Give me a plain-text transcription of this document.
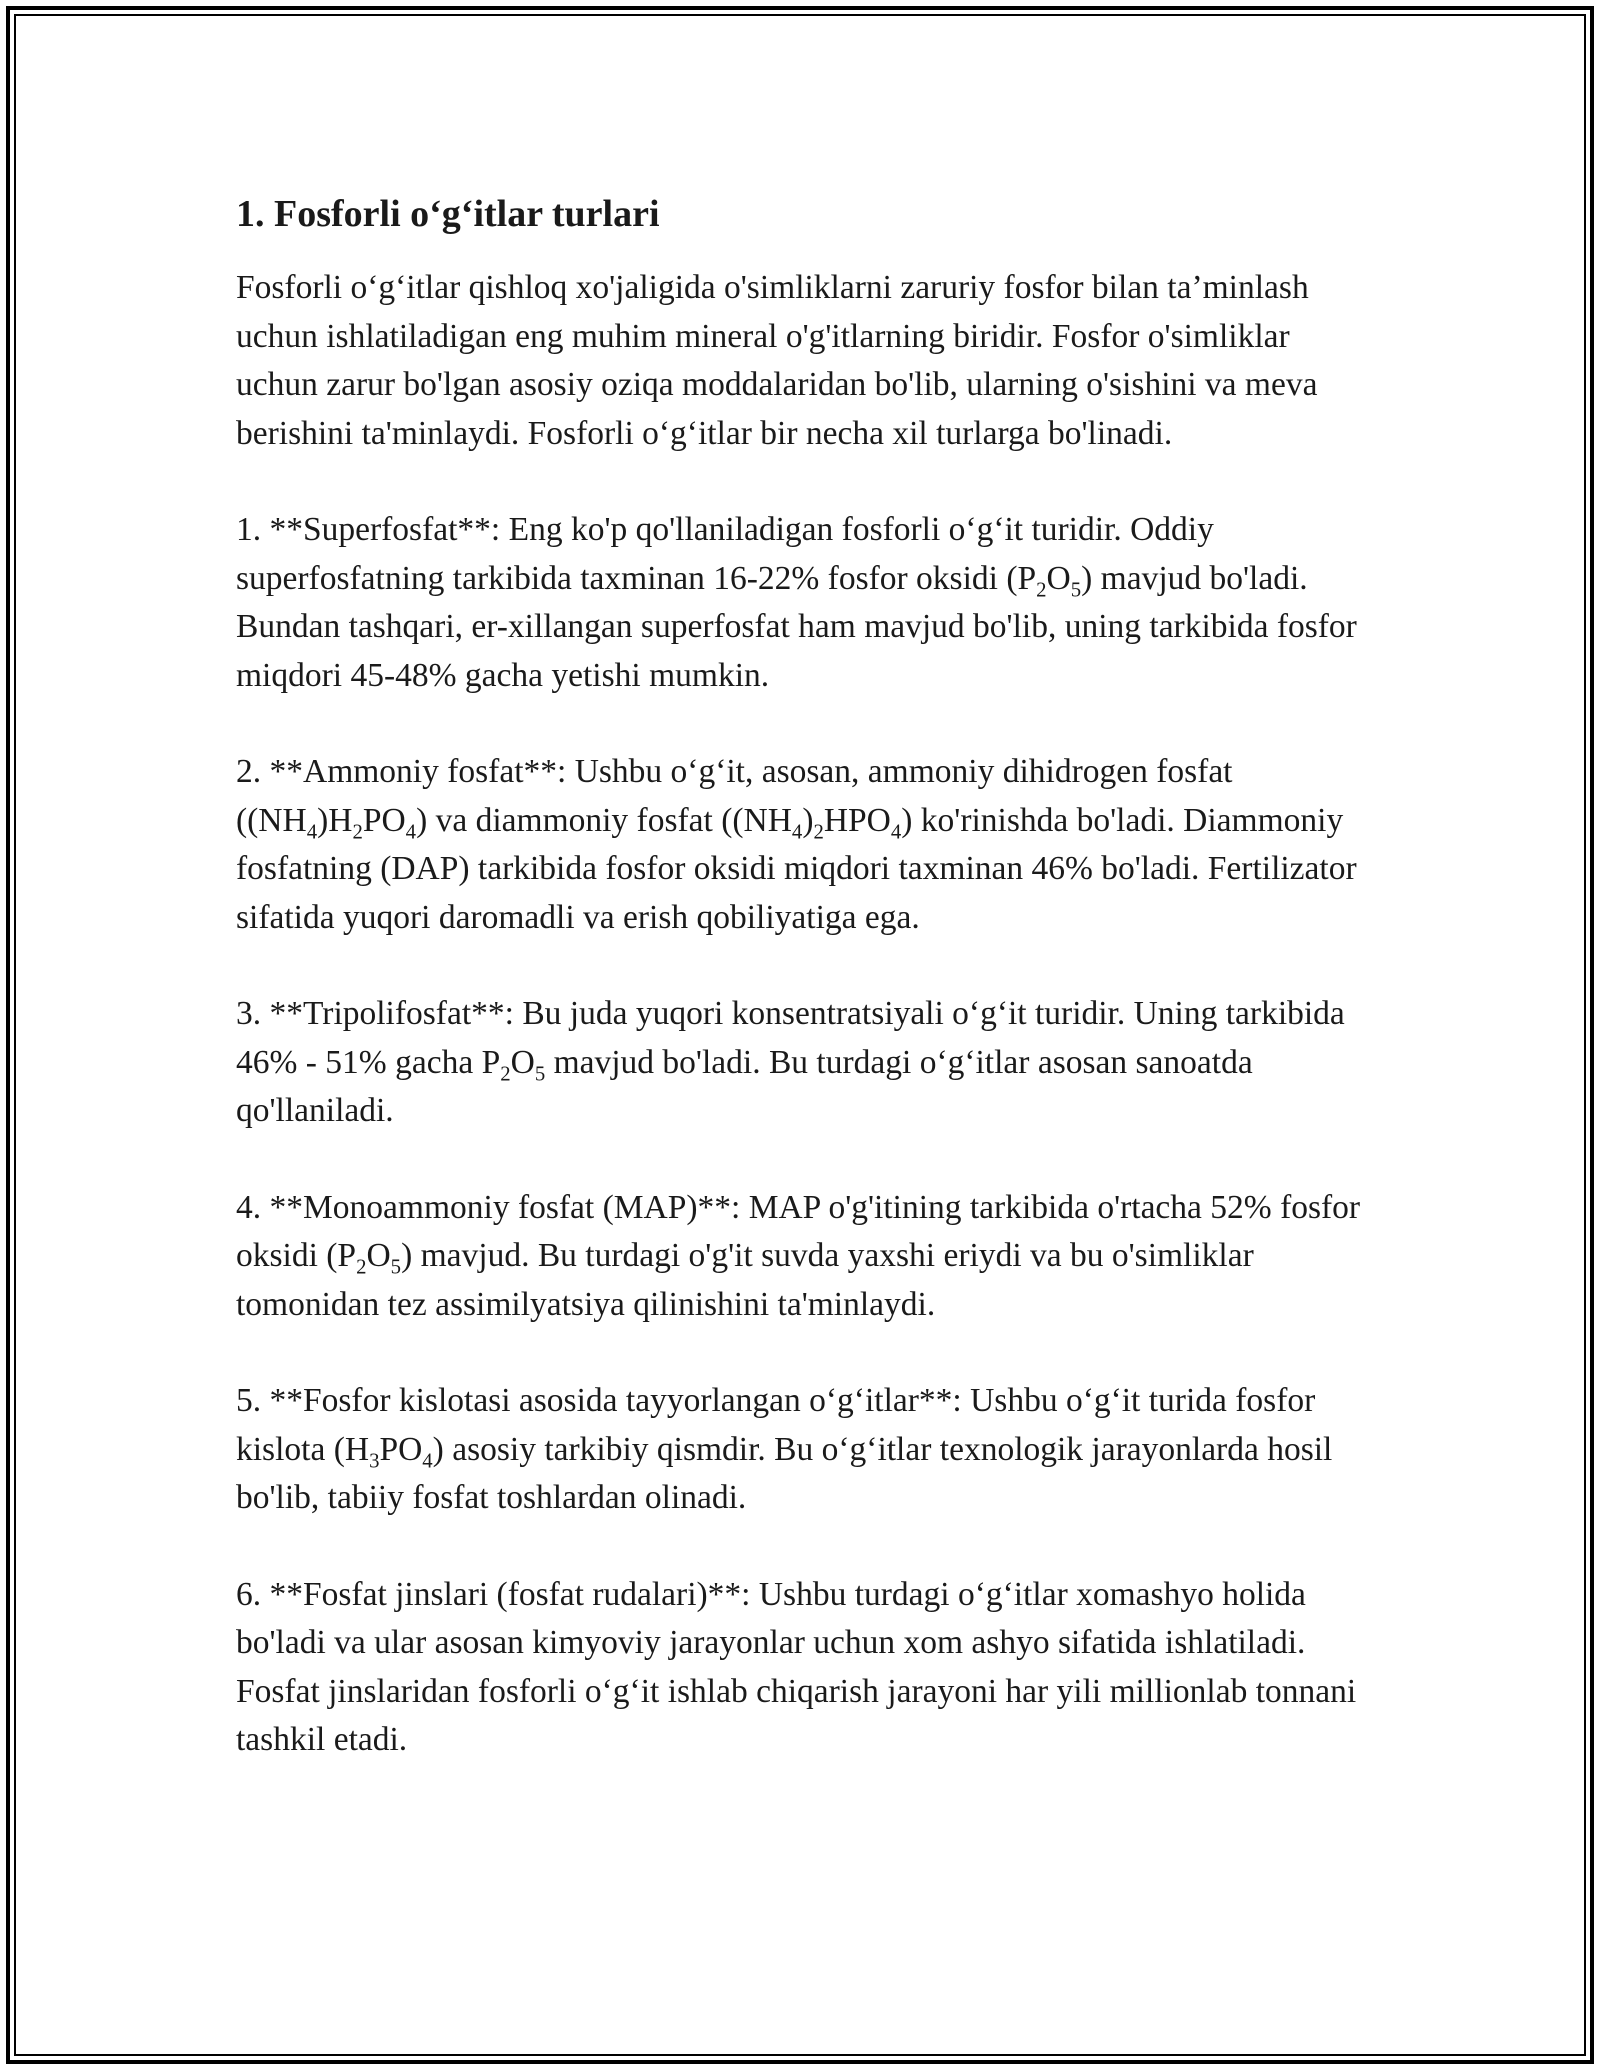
1. Fosforli o‘g‘itlar turlari

Fosforli o‘g‘itlar qishloq xo'jaligida o'simliklarni zaruriy fosfor bilan ta’minlash uchun ishlatiladigan eng muhim mineral o'g'itlarning biridir. Fosfor o'simliklar uchun zarur bo'lgan asosiy oziqa moddalaridan bo'lib, ularning o'sishini va meva berishini ta'minlaydi. Fosforli o‘g‘itlar bir necha xil turlarga bo'linadi.

1. **Superfosfat**: Eng ko'p qo'llaniladigan fosforli o‘g‘it turidir. Oddiy superfosfatning tarkibida taxminan 16-22% fosfor oksidi $(P_2O_5)$ mavjud bo'ladi. Bundan tashqari, er-xillangan superfosfat ham mavjud bo'lib, uning tarkibida fosfor miqdori 45-48% gacha yetishi mumkin.

2. **Ammoniy fosfat**: Ushbu o‘g‘it, asosan, ammoniy dihidrogen fosfat $((NH_4)H_2PO_4)$ va diammoniy fosfat $((NH_4)_2HPO_4)$ ko'rinishda bo'ladi. Diammoniy fosfatning (DAP) tarkibida fosfor oksidi miqdori taxminan 46% bo'ladi. Fertilizator sifatida yuqori daromadli va erish qobiliyatiga ega.

3. **Tripolifosfat**: Bu juda yuqori konsentratsiyali o‘g‘it turidir. Uning tarkibida 46% - 51% gacha $P_2O_5$ mavjud bo'ladi. Bu turdagi o‘g‘itlar asosan sanoatda qo'llaniladi.

4. **Monoammoniy fosfat (MAP)**: MAP o'g'itining tarkibida o'rtacha 52% fosfor oksidi $(P_2O_5)$ mavjud. Bu turdagi o'g'it suvda yaxshi eriydi va bu o'simliklar tomonidan tez assimilyatsiya qilinishini ta'minlaydi.

5. **Fosfor kislotasi asosida tayyorlangan o‘g‘itlar**: Ushbu o‘g‘it turida fosfor kislota $(H_3PO_4)$ asosiy tarkibiy qismdir. Bu o‘g‘itlar texnologik jarayonlarda hosil bo'lib, tabiiy fosfat toshlardan olinadi.

6. **Fosfat jinslari (fosfat rudalari)**: Ushbu turdagi o‘g‘itlar xomashyo holida bo'ladi va ular asosan kimyoviy jarayonlar uchun xom ashyo sifatida ishlatiladi. Fosfat jinslaridan fosforli o‘g‘it ishlab chiqarish jarayoni har yili millionlab tonnani tashkil etadi.
